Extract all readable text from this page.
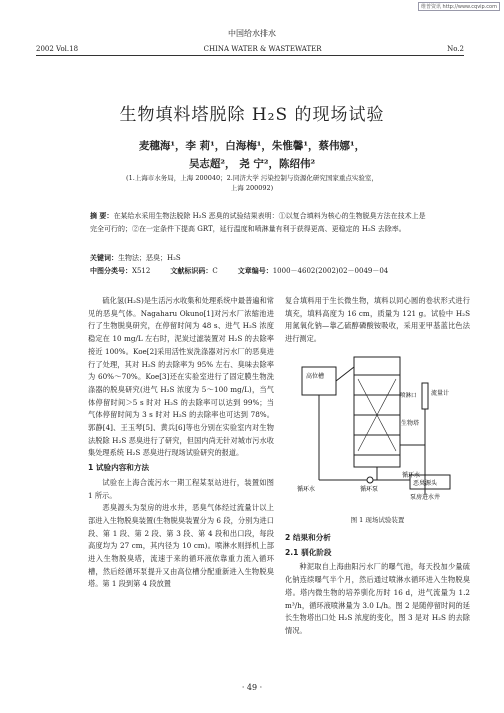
维普资讯 http://www.cqvip.com
中国给水排水
2002 Vol.18	CHINA WATER & WASTEWATER	No.2
生物填料塔脱除 H₂S 的现场试验
麦穗海¹，李 莉¹，白海梅¹，朱惟馨¹，蔡伟娜¹，
吴志超²， 尧 宁²，陈绍伟²
(1.上海市水务局，上海 200040；2.同济大学 污染控制与资源化研究国家重点实验室，
上海 200092)
摘 要：在某给水采用生物法脱除 H₂S 恶臭的试验结果表明：①以复合填料为核心的生物脱臭方法在技术上是完全可行的；②在一定条件下提高 GRT，延行温度和喷淋量有利于获得更高、更稳定的 H₂S 去除率。
关键词：生物法；恶臭；H₂S
中图分类号：X512	文献标识码：C	文章编号：1000－4602(2002)02－0049－04

硫化氢(H₂S)是生活污水收集和处理系统中最普遍和常见的恶臭气体。Nagaharu Okuno[1]对污水厂浓缩池进行了生物脱臭研究，在停留时间为 48 s、进气 H₂S 浓度稳定在 10 mg/L 左右时，泥炭过滤装置对 H₂S 的去除率接近 100%。Koe[2]采用活性炭洗涤器对污水厂的恶臭进行了处理，其对 H₂S 的去除率为 95% 左右、臭味去除率为 60%～70%。Koe[3]还在实验室进行了固定膜生物洗涤器的脱臭研究(进气 H₂S 浓度为 5～100 mg/L)，当气体停留时间＞5 s 时对 H₂S 的去除率可以达到 99%；当气体停留时间为 3 s 时对 H₂S 的去除率也可达到 78%。郭静[4]、王玉琴[5]、黄兵[6]等也分别在实验室内对生物法脱除 H₂S 恶臭进行了研究，但国内尚无针对城市污水收集处理系统 H₂S 恶臭进行现场试验研究的报道。

1 试验内容和方法

试验在上海合流污水一期工程某泵站进行，装置如图 1 所示。

恶臭源头为泵房的进水井，恶臭气体经过流量计以上部进入生物脱臭装置(生物脱臭装置分为 6 段，分别为进口段、第 1 段、第 2 段、第 3 段、第 4 段和出口段，每段高度均为 27 cm，其内径为 10 cm)。喷淋水则择机上部进入生物脱臭塔，流速于来的循环液依靠重力流入循环槽，然后经循环泵提升又由高位槽分配重新进入生物脱臭塔。第 1 段到第 4 段放置

复合填料用于生长微生物，填料以同心圆的卷状形式进行填充，填料高度为 16 cm，质量为 121 g。试验中 H₂S 用氮氧化钠—靠乙硫醇磷酸铵吸收，采用亚甲基蓝比色法进行测定。

高位槽
喷淋口 流量计
生物塔
循环水	循环泵
循环水
恶臭源头
泵房进水井
图 1 现场试验装置
2 结果和分析
2.1 驯化阶段

种泥取自上海曲阳污水厂的曝气池，每天投加少量硫化钠连续曝气半个月，然后通过喷淋水循环进入生物脱臭塔。塔内微生物的培养驯化历时 16 d，进气流量为 1.2 m³/h，循环液喷淋量为 3.0 L/h。图 2 是随停留时间的延长生物塔出口处 H₂S 浓度的变化，图 3 是对 H₂S 的去除情况。

· 49 ·
